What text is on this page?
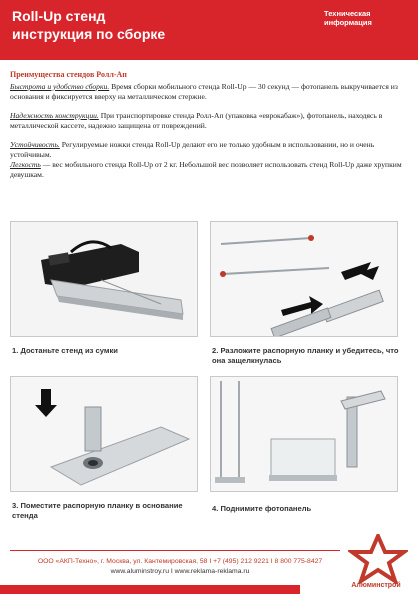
Roll-Up стенд
инструкция по сборке
Техническая информация
Преимущества стендов Ролл-Ап

Быстрота и удобство сборки. Время сборки мобильного стенда Roll-Up — 30 секунд — фотопанель выкручивается из основания и фиксируется вверху на металлическом стержне.

Надежность конструкции. При транспортировке стенда Ролл-Ап (упаковка «еврокабаж»), фотопанель, находясь в металлической кассете, надежно защищена от повреждений.

Устойчивость. Регулируемые ножки стенда Roll-Up делают его не только удобным в использовании, но и очень устойчивым.

Легкость — вес мобильного стенда Roll-Up от 2 кг. Небольшой вес позволяет использовать стенд Roll-Up даже хрупким девушкам.

1. Достаньте стенд из сумки	2. Разложите распорную планку и убедитесь, что она защелкнулась
3. Поместите распорную планку в основание стенда
4. Поднимите фотопанель
ООО «АКП-Техно», г. Москва, ул. Кантемировская, 58 I +7 (495) 212 9221 I 8 800 775-8427
www.aluminstroy.ru I www.reklama-reklama.ru
Алюминстрой
